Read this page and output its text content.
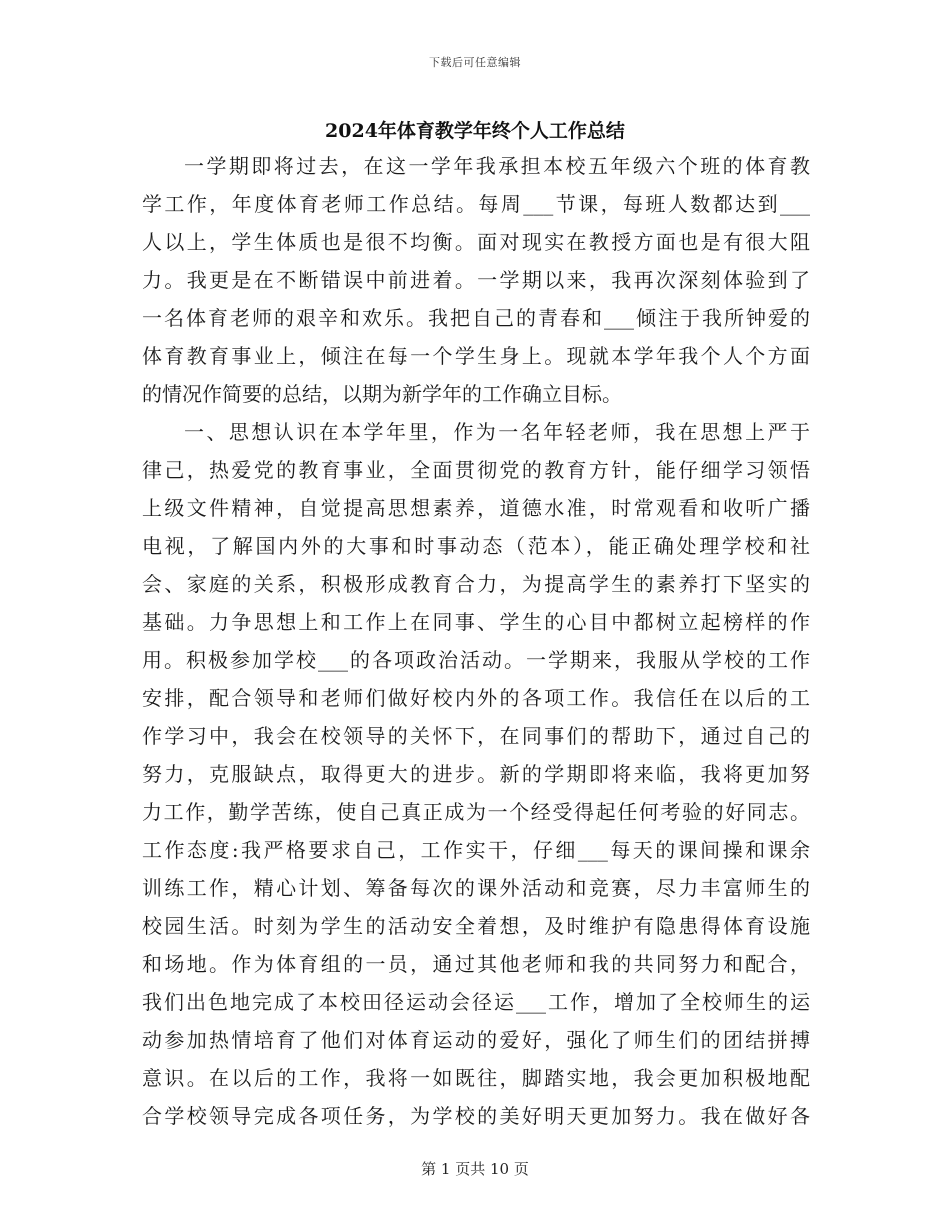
下载后可任意编辑
2024年体育教学年终个人工作总结
一学期即将过去，在这一学年我承担本校五年级六个班的体育教
学工作，年度体育老师工作总结。每周___节课，每班人数都达到___
人以上，学生体质也是很不均衡。面对现实在教授方面也是有很大阻
力。我更是在不断错误中前进着。一学期以来，我再次深刻体验到了
一名体育老师的艰辛和欢乐。我把自己的青春和___倾注于我所钟爱的
体育教育事业上，倾注在每一个学生身上。现就本学年我个人个方面
的情况作简要的总结，以期为新学年的工作确立目标。
一、思想认识在本学年里，作为一名年轻老师，我在思想上严于
律己，热爱党的教育事业，全面贯彻党的教育方针，能仔细学习领悟
上级文件精神，自觉提高思想素养，道德水准，时常观看和收听广播
电视，了解国内外的大事和时事动态（范本），能正确处理学校和社
会、家庭的关系，积极形成教育合力，为提高学生的素养打下坚实的
基础。力争思想上和工作上在同事、学生的心目中都树立起榜样的作
用。积极参加学校___的各项政治活动。一学期来，我服从学校的工作
安排，配合领导和老师们做好校内外的各项工作。我信任在以后的工
作学习中，我会在校领导的关怀下，在同事们的帮助下，通过自己的
努力，克服缺点，取得更大的进步。新的学期即将来临，我将更加努
力工作，勤学苦练，使自己真正成为一个经受得起任何考验的好同志。
工作态度:我严格要求自己，工作实干，仔细___每天的课间操和课余
训练工作，精心计划、筹备每次的课外活动和竞赛，尽力丰富师生的
校园生活。时刻为学生的活动安全着想，及时维护有隐患得体育设施
和场地。作为体育组的一员，通过其他老师和我的共同努力和配合，
我们出色地完成了本校田径运动会径运___工作，增加了全校师生的运
动参加热情培育了他们对体育运动的爱好，强化了师生们的团结拼搏
意识。在以后的工作，我将一如既往，脚踏实地，我会更加积极地配
合学校领导完成各项任务，为学校的美好明天更加努力。我在做好各
第 1 页共 10 页
